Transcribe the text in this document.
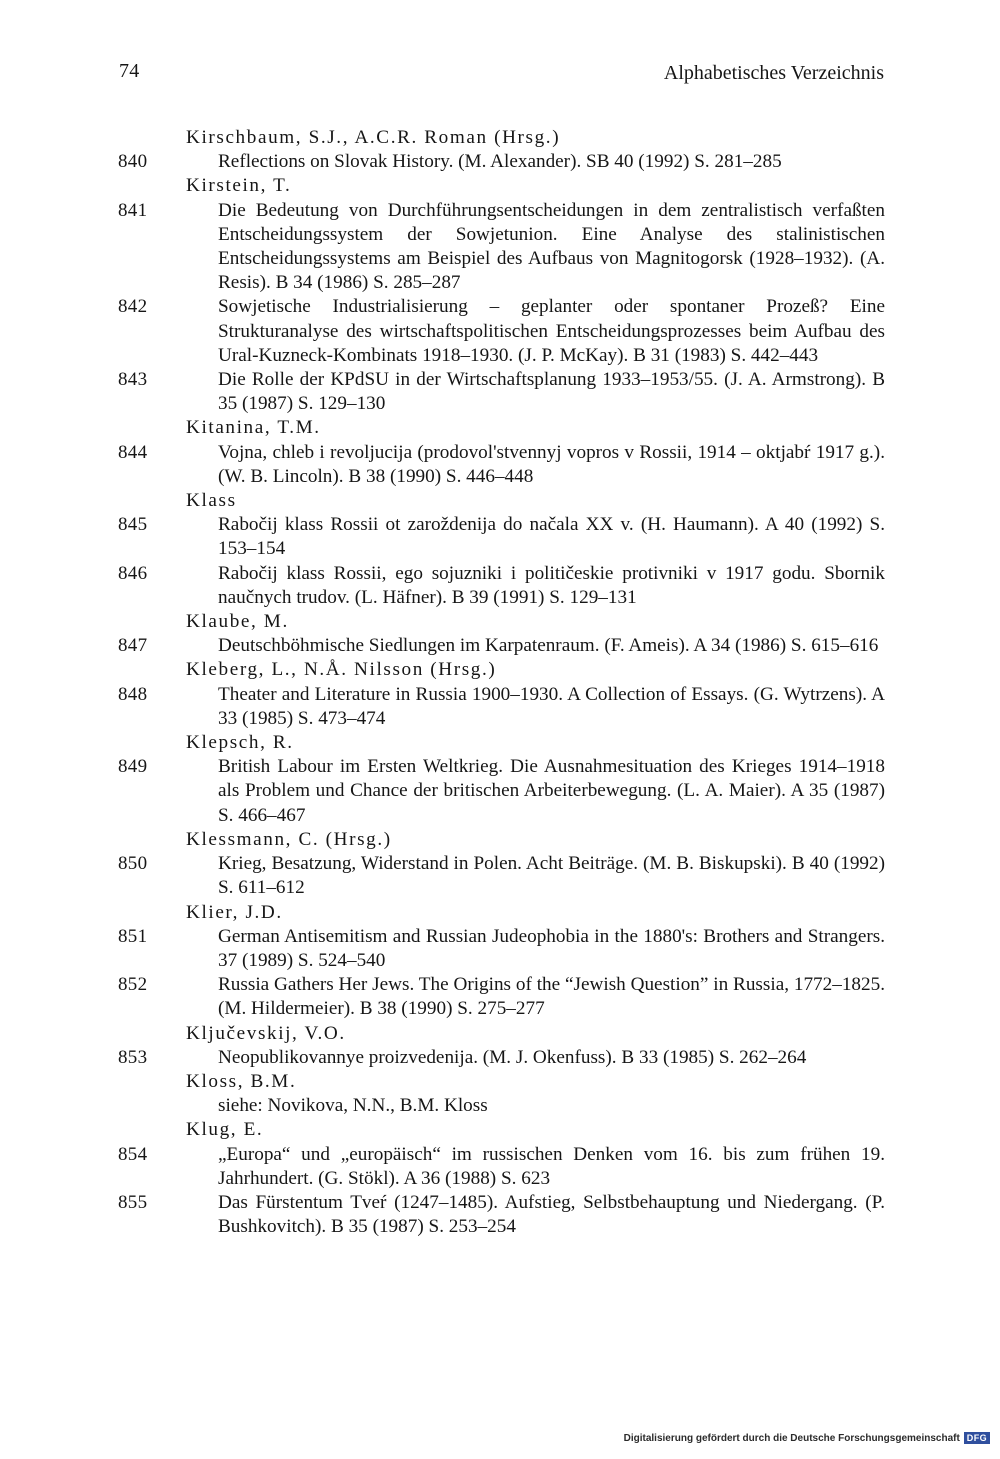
74	Alphabetisches Verzeichnis
Kirschbaum, S.J., A.C.R. Roman (Hrsg.)
840	Reflections on Slovak History. (M. Alexander). SB 40 (1992) S. 281–285
Kirstein, T.
841	Die Bedeutung von Durchführungsentscheidungen in dem zentralistisch verfaßten Entscheidungssystem der Sowjetunion. Eine Analyse des stalinistischen Entscheidungssystems am Beispiel des Aufbaus von Magnitogorsk (1928–1932). (A. Resis). B 34 (1986) S. 285–287
842	Sowjetische Industrialisierung – geplanter oder spontaner Prozeß? Eine Strukturanalyse des wirtschaftspolitischen Entscheidungsprozesses beim Aufbau des Ural-Kuzneck-Kombinats 1918–1930. (J. P. McKay). B 31 (1983) S. 442–443
843	Die Rolle der KPdSU in der Wirtschaftsplanung 1933–1953/55. (J. A. Armstrong). B 35 (1987) S. 129–130
Kitanina, T.M.
844	Vojna, chleb i revoljucija (prodovol'stvennyj vopros v Rossii, 1914 – oktjabŕ 1917 g.). (W. B. Lincoln). B 38 (1990) S. 446–448
Klass
845	Rabočij klass Rossii ot zaroždenija do načala XX v. (H. Haumann). A 40 (1992) S. 153–154
846	Rabočij klass Rossii, ego sojuzniki i političeskie protivniki v 1917 godu. Sbornik naučnych trudov. (L. Häfner). B 39 (1991) S. 129–131
Klaube, M.
847	Deutschböhmische Siedlungen im Karpatenraum. (F. Ameis). A 34 (1986) S. 615–616
Kleberg, L., N.Å. Nilsson (Hrsg.)
848	Theater and Literature in Russia 1900–1930. A Collection of Essays. (G. Wytrzens). A 33 (1985) S. 473–474
Klepsch, R.
849	British Labour im Ersten Weltkrieg. Die Ausnahmesituation des Krieges 1914–1918 als Problem und Chance der britischen Arbeiterbewegung. (L. A. Maier). A 35 (1987) S. 466–467
Klessmann, C. (Hrsg.)
850	Krieg, Besatzung, Widerstand in Polen. Acht Beiträge. (M. B. Biskupski). B 40 (1992) S. 611–612
Klier, J.D.
851	German Antisemitism and Russian Judeophobia in the 1880's: Brothers and Strangers. 37 (1989) S. 524–540
852	Russia Gathers Her Jews. The Origins of the “Jewish Question” in Russia, 1772–1825. (M. Hildermeier). B 38 (1990) S. 275–277
Ključevskij, V.O.
853	Neopublikovannye proizvedenija. (M. J. Okenfuss). B 33 (1985) S. 262–264
Kloss, B.M.
siehe: Novikova, N.N., B.M. Kloss
Klug, E.
854	„Europa“ und „europäisch“ im russischen Denken vom 16. bis zum frühen 19. Jahrhundert. (G. Stökl). A 36 (1988) S. 623
855	Das Fürstentum Tveŕ (1247–1485). Aufstieg, Selbstbehauptung und Niedergang. (P. Bushkovitch). B 35 (1987) S. 253–254
Digitalisierung gefördert durch die Deutsche Forschungsgemeinschaft DFG
